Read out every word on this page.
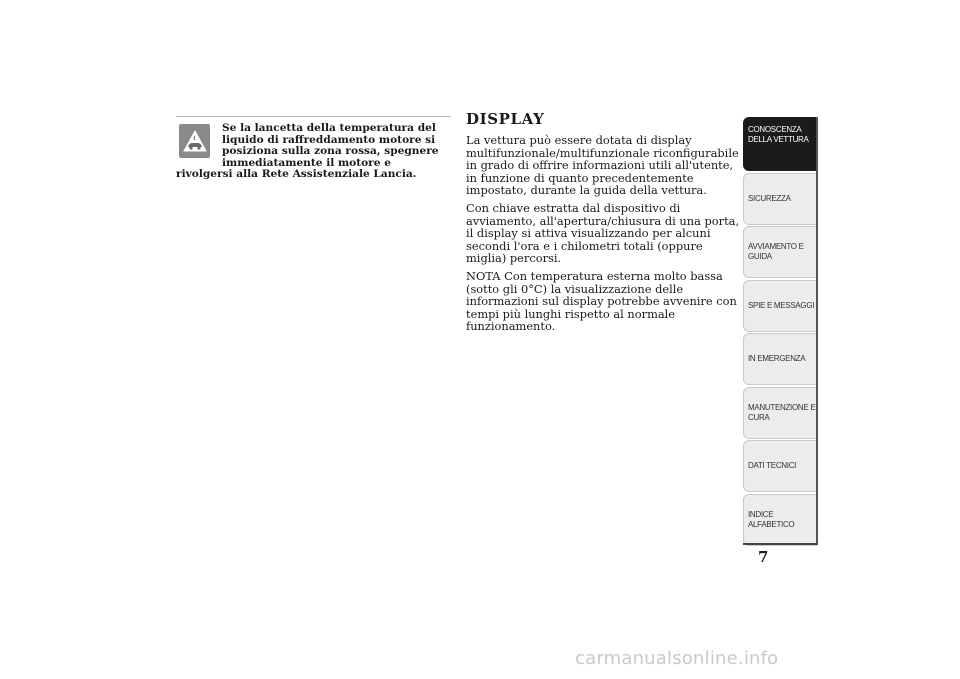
Se la lancetta della temperatura del liquido di raffreddamento motore si posiziona sulla zona rossa, spegnere immediatamente il motore e rivolgersi alla Rete Assistenziale Lancia.

DISPLAY

La vettura può essere dotata di display multifunzionale/multifunzionale riconfigurabile in grado di offrire informazioni utili all'utente, in funzione di quanto precedentemente impostato, durante la guida della vettura.

Con chiave estratta dal dispositivo di avviamento, all'apertura/chiusura di una porta, il display si attiva visualizzando per alcuni secondi l'ora e i chilometri totali (oppure miglia) percorsi.

NOTA Con temperatura esterna molto bassa (sotto gli 0°C) la visualizzazione delle informazioni sul display potrebbe avvenire con tempi più lunghi rispetto al normale funzionamento.

CONOSCENZA DELLA VETTURA
SICUREZZA
AVVIAMENTO E GUIDA
SPIE E MESSAGGI
IN EMERGENZA
MANUTENZIONE E CURA
DATI TECNICI
INDICE ALFABETICO
7
carmanualsonline.info
